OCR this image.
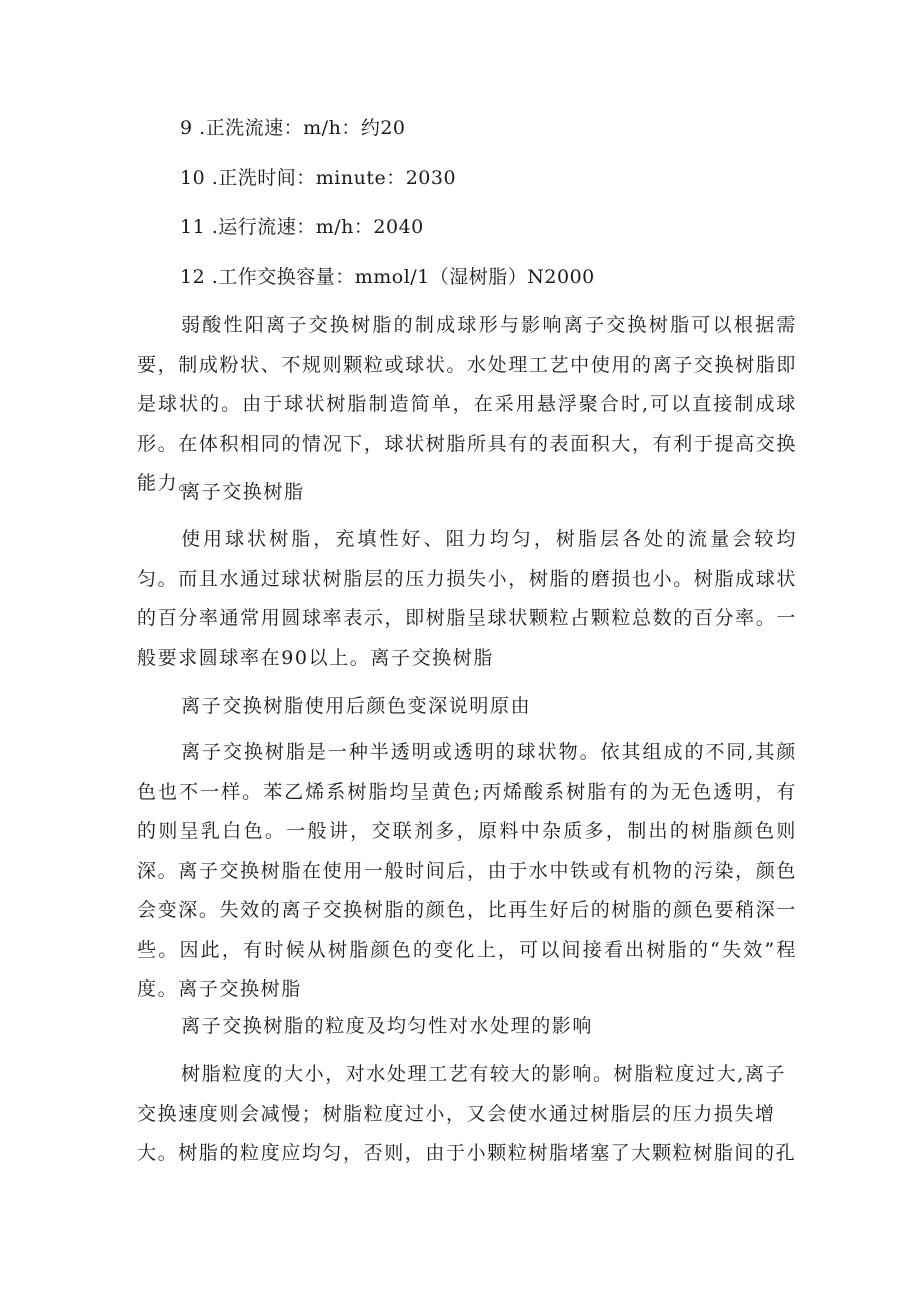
9 .正洗流速：m/h：约20
10 .正洗时间：minute：2030
11 .运行流速：m/h：2040
12 .工作交换容量：mmol/1（湿树脂）N2000

弱酸性阳离子交换树脂的制成球形与影响离子交换树脂可以根据需要，制成粉状、不规则颗粒或球状。水处理工艺中使用的离子交换树脂即是球状的。由于球状树脂制造简单，在采用悬浮聚合时,可以直接制成球形。在体积相同的情况下，球状树脂所具有的表面积大，有利于提高交换能力。

离子交换树脂

使用球状树脂，充填性好、阻力均匀，树脂层各处的流量会较均匀。而且水通过球状树脂层的压力损失小，树脂的磨损也小。树脂成球状的百分率通常用圆球率表示，即树脂呈球状颗粒占颗粒总数的百分率。一般要求圆球率在90以上。离子交换树脂

离子交换树脂使用后颜色变深说明原由

离子交换树脂是一种半透明或透明的球状物。依其组成的不同,其颜色也不一样。苯乙烯系树脂均呈黄色;丙烯酸系树脂有的为无色透明，有的则呈乳白色。一般讲，交联剂多，原料中杂质多，制出的树脂颜色则深。离子交换树脂在使用一般时间后，由于水中铁或有机物的污染，颜色会变深。失效的离子交换树脂的颜色，比再生好后的树脂的颜色要稍深一些。因此，有时候从树脂颜色的变化上，可以间接看出树脂的“失效”程度。离子交换树脂

离子交换树脂的粒度及均匀性对水处理的影响
树脂粒度的大小，对水处理工艺有较大的影响。树脂粒度过大,离子
交换速度则会减慢；树脂粒度过小，又会使水通过树脂层的压力损失增
大。树脂的粒度应均匀，否则，由于小颗粒树脂堵塞了大颗粒树脂间的孔
